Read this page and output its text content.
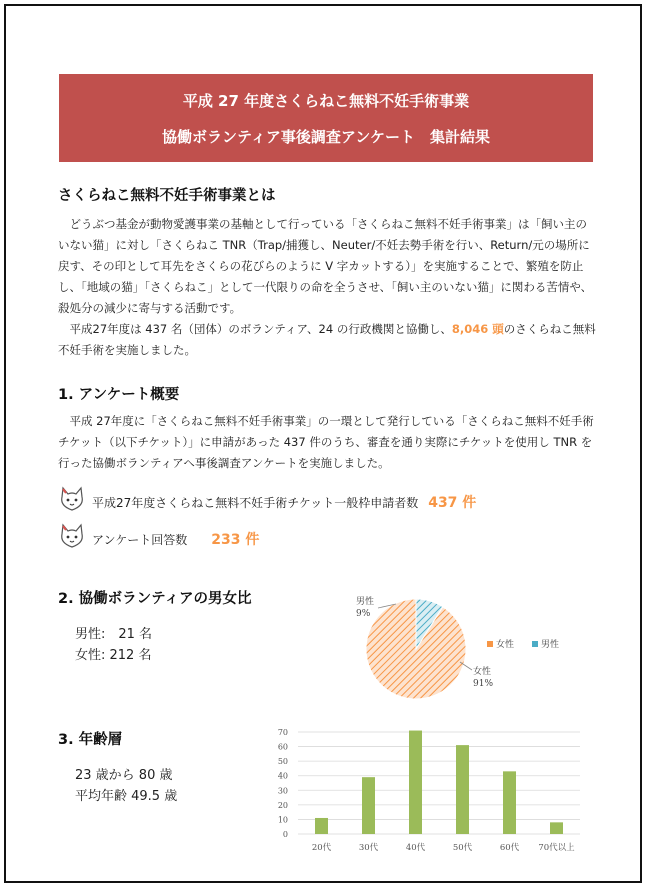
平成 27 年度さくらねこ無料不妊手術事業
協働ボランティア事後調査アンケート　集計結果
さくらねこ無料不妊手術事業とは
　どうぶつ基金が動物愛護事業の基軸として行っている「さくらねこ無料不妊手術事業」は「飼い主のいない猫」に対し「さくらねこ TNR（Trap/捕獲し、Neuter/不妊去勢手術を行い、Return/元の場所に戻す、その印として耳先をさくらの花びらのように V 字カットする）」を実施することで、繁殖を防止し、「地域の猫」「さくらねこ」として一代限りの命を全うさせ、「飼い主のいない猫」に関わる苦情や、殺処分の減少に寄与する活動です。
　平成27年度は 437 名（団体）のボランティア、24 の行政機関と協働し、8,046 頭のさくらねこ無料不妊手術を実施しました。
1. アンケート概要
　平成 27年度に「さくらねこ無料不妊手術事業」の一環として発行している「さくらねこ無料不妊手術チケット（以下チケット）」に申請があった 437 件のうち、審査を通り実際にチケットを使用し TNR を行った協働ボランティアへ事後調査アンケートを実施しました。
平成27年度さくらねこ無料不妊手術チケット一般枠申請者数 437 件
アンケート回答数 233 件
2. 協働ボランティアの男女比
男性:　21 名
女性: 212 名
女性
91%
男性
9%
女性	男性
3. 年齢層
23 歳から 80 歳
平均年齢 49.5 歳
0
10
20
30
40
50
60
70
20代	30代	40代	50代	60代 70代以上
